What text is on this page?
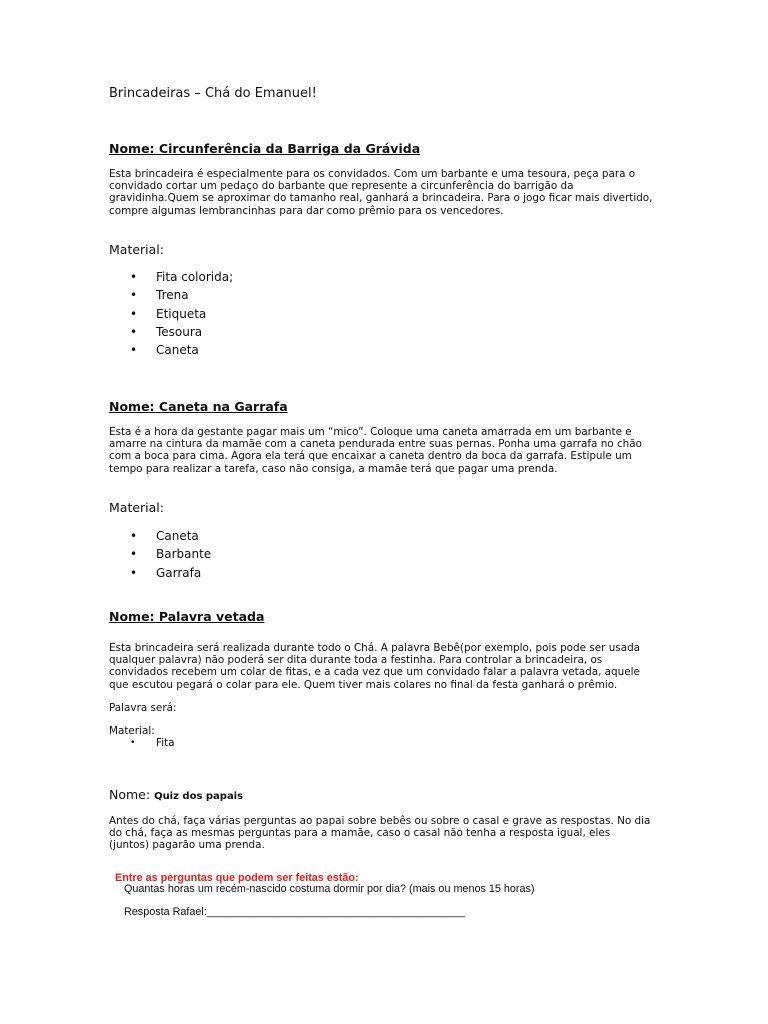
Brincadeiras – Chá do Emanuel!

Nome: Circunferência da Barriga da Grávida

Esta brincadeira é especialmente para os convidados. Com um barbante e uma tesoura, peça para o
convidado cortar um pedaço do barbante que represente a circunferência do barrigão da
gravidinha.Quem se aproximar do tamanho real, ganhará a brincadeira. Para o jogo ficar mais divertido,
compre algumas lembrancinhas para dar como prêmio para os vencedores.

Material:

• Fita colorida;
• Trena
• Etiqueta
• Tesoura
• Caneta

Nome: Caneta na Garrafa

Esta é a hora da gestante pagar mais um “mico”. Coloque uma caneta amarrada em um barbante e
amarre na cintura da mamãe com a caneta pendurada entre suas pernas. Ponha uma garrafa no chão
com a boca para cima. Agora ela terá que encaixar a caneta dentro da boca da garrafa. Estipule um
tempo para realizar a tarefa, caso não consiga, a mamãe terá que pagar uma prenda.

Material:

• Caneta
• Barbante
• Garrafa

Nome: Palavra vetada

Esta brincadeira será realizada durante todo o Chá. A palavra Bebê(por exemplo, pois pode ser usada
qualquer palavra) não poderá ser dita durante toda a festinha. Para controlar a brincadeira, os
convidados recebem um colar de fitas, e a cada vez que um convidado falar a palavra vetada, aquele
que escutou pegará o colar para ele. Quem tiver mais colares no final da festa ganhará o prêmio.

Palavra será:

Material:

• Fita

Nome: Quiz dos papais

Antes do chá, faça várias perguntas ao papai sobre bebês ou sobre o casal e grave as respostas. No dia
do chá, faça as mesmas perguntas para a mamãe, caso o casal não tenha a resposta igual, eles
(juntos) pagarão uma prenda.

Entre as perguntas que podem ser feitas estão:

Quantas horas um recém-nascido costuma dormir por dia? (mais ou menos 15 horas)

Resposta Rafael:___________________________________________
